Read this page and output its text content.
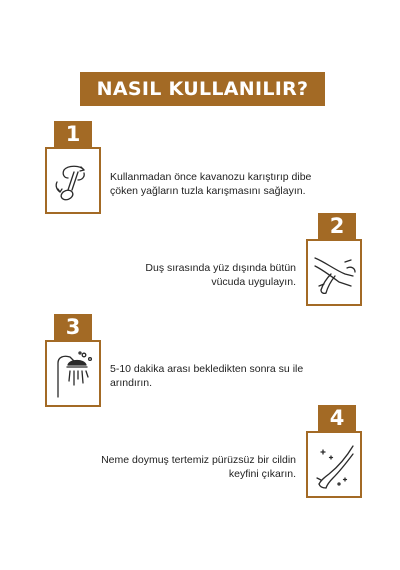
NASIL KULLANILIR?
1
Kullanmadan önce kavanozu karıştırıp dibe çöken yağların tuzla karışmasını sağlayın.
2
Duş sırasında yüz dışında bütün vücuda uygulayın.
3
5-10 dakika arası bekledikten sonra su ile arındırın.
4
Neme doymuş tertemiz pürüzsüz bir cildin keyfini çıkarın.
